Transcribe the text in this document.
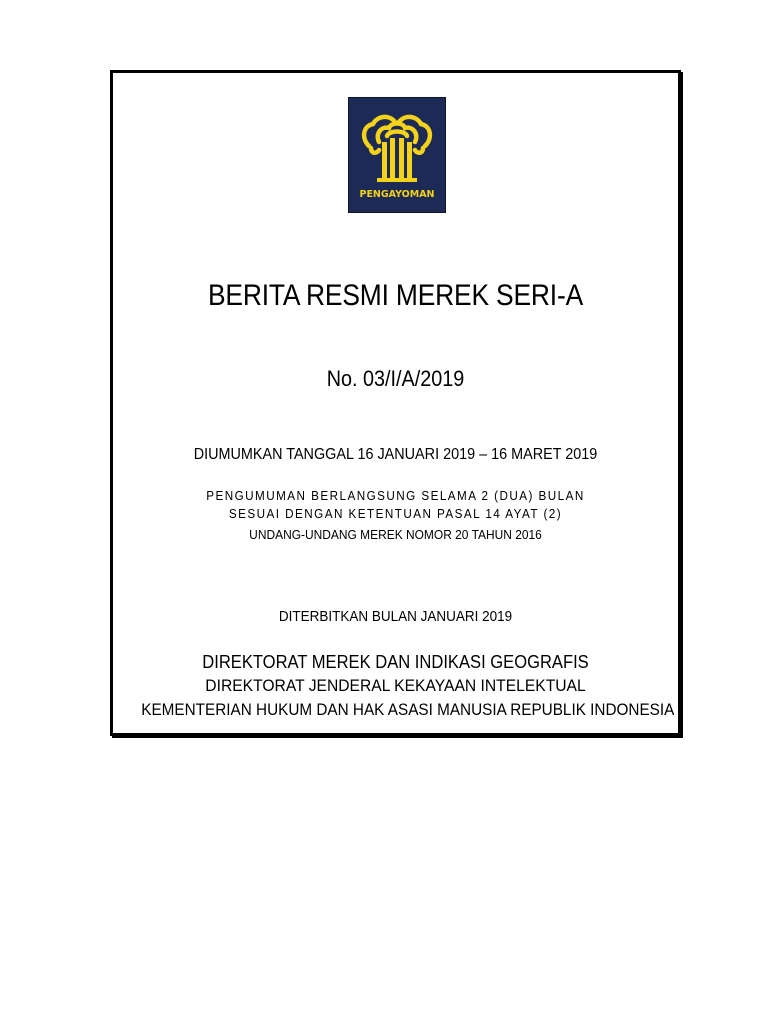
PENGAYOMAN
BERITA RESMI MEREK SERI-A
No. 03/I/A/2019
DIUMUMKAN TANGGAL 16 JANUARI 2019 – 16 MARET 2019
PENGUMUMAN BERLANGSUNG SELAMA 2 (DUA) BULAN
SESUAI DENGAN KETENTUAN PASAL 14 AYAT (2)
UNDANG-UNDANG MEREK NOMOR 20 TAHUN 2016
DITERBITKAN BULAN JANUARI 2019
DIREKTORAT MEREK DAN INDIKASI GEOGRAFIS
DIREKTORAT JENDERAL KEKAYAAN INTELEKTUAL
KEMENTERIAN HUKUM DAN HAK ASASI MANUSIA REPUBLIK INDONESIA
